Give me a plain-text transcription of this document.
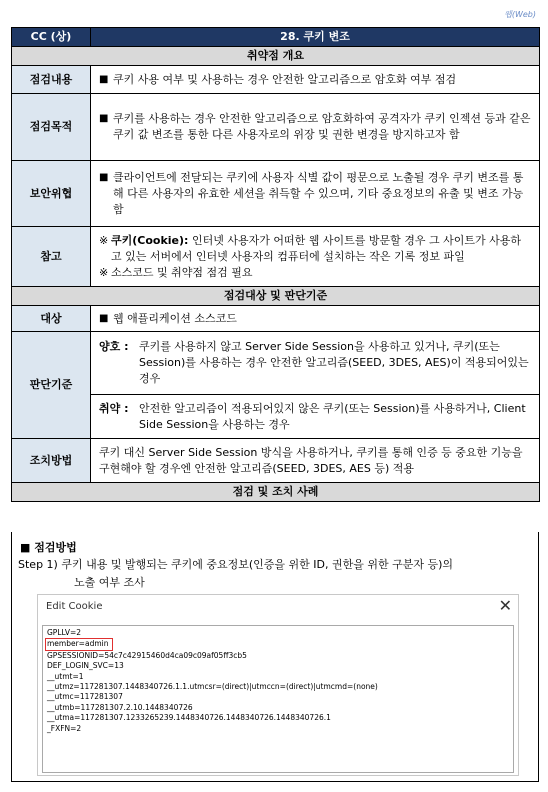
웹(Web)
CC (상)	28. 쿠키 변조
취약점 개요	
점검내용	■ 쿠키 사용 여부 및 사용하는 경우 안전한 알고리즘으로 암호화 여부 점검

점검목적	■ 쿠키를 사용하는 경우 안전한 알고리즘으로 암호화하여 공격자가 쿠키 인젝션 등과 같은 쿠키 값 변조를 통한 다른 사용자로의 위장 및 권한 변경을 방지하고자 함

보안위협	■ 클라이언트에 전달되는 쿠키에 사용자 식별 값이 평문으로 노출될 경우 쿠키 변조를 통해 다른 사용자의 유효한 세션을 취득할 수 있으며, 기타 중요정보의 유출 및 변조 가능함

참고	※ 쿠키(Cookie): 인터넷 사용자가 어떠한 웹 사이트를 방문할 경우 그 사이트가 사용하고 있는 서버에서 인터넷 사용자의 컴퓨터에 설치하는 작은 기록 정보 파일
※ 소스코드 및 취약점 점검 필요

점검대상 및 판단기준	
대상	■ 웹 애플리케이션 소스코드

판단기준	양호 : 쿠키를 사용하지 않고 Server Side Session을 사용하고 있거나, 쿠키(또는 Session)를 사용하는 경우 안전한 알고리즘(SEED, 3DES, AES)이 적용되어있는 경우

	취약 : 안전한 알고리즘이 적용되어있지 않은 쿠키(또는 Session)를 사용하거나, Client Side Session을 사용하는 경우

조치방법	쿠키 대신 Server Side Session 방식을 사용하거나, 쿠키를 통해 인증 등 중요한 기능을 구현해야 할 경우엔 안전한 알고리즘(SEED, 3DES, AES 등) 적용
점검 및 조치 사례	
■ 점검방법
Step 1) 쿠키 내용 및 발행되는 쿠키에 중요정보(인증을 위한 ID, 권한을 위한 구분자 등)의
노출 여부 조사
Edit Cookie	✕
GPLLV=2
member=admin
GPSESSIONID=54c7c42915460d4ca09c09af05ff3cb5
DEF_LOGIN_SVC=13
__utmt=1
__utmz=117281307.1448340726.1.1.utmcsr=(direct)|utmccn=(direct)|utmcmd=(none)
__utmc=117281307
__utmb=117281307.2.10.1448340726
__utma=117281307.1233265239.1448340726.1448340726.1448340726.1
_FXFN=2
